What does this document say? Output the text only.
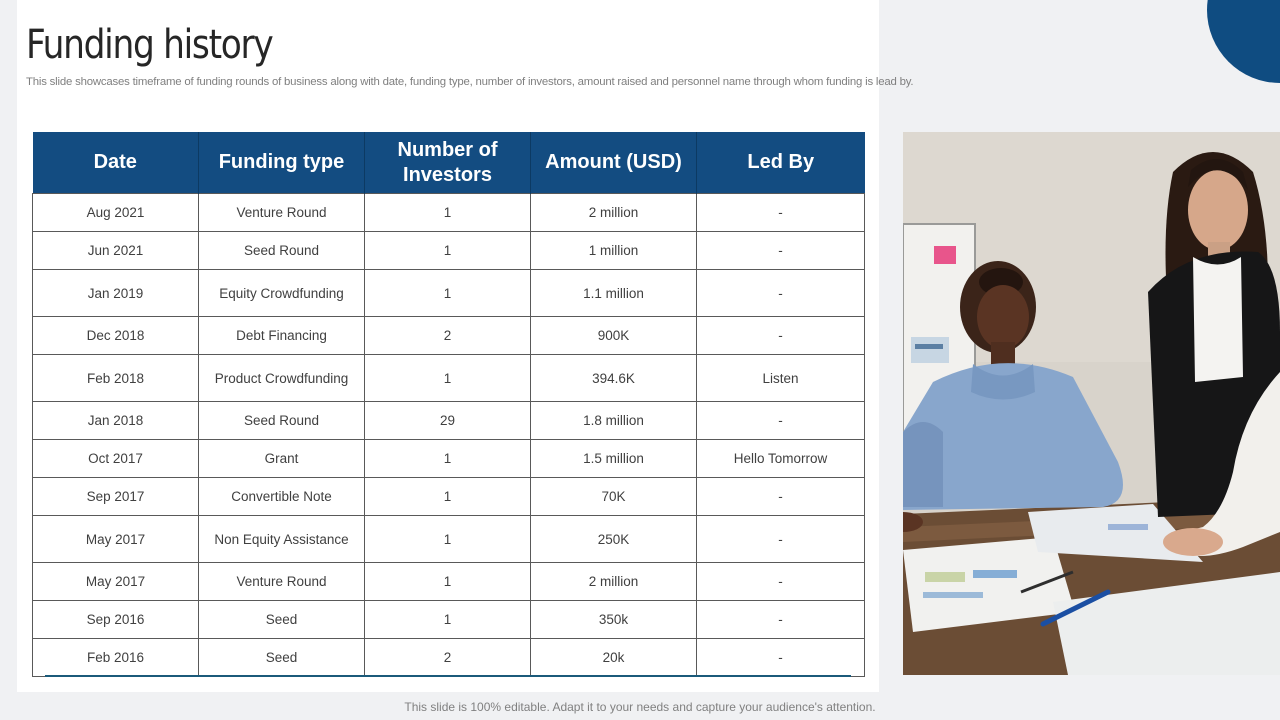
Funding history
This slide showcases timeframe of funding rounds of business along with date, funding type, number of investors, amount raised and personnel name through whom funding is lead by.
Date	Funding type	Number of Investors	Amount (USD)	Led By
Aug 2021	Venture Round	1	2 million	-
Jun 2021	Seed Round	1	1 million	-
Jan 2019	Equity Crowdfunding	1	1.1 million	-
Dec 2018	Debt Financing	2	900K	-
Feb 2018	Product Crowdfunding	1	394.6K	Listen
Jan 2018	Seed Round	29	1.8 million	-
Oct 2017	Grant	1	1.5 million	Hello Tomorrow
Sep 2017	Convertible Note	1	70K	-
May 2017	Non Equity Assistance	1	250K	-
May 2017	Venture Round	1	2 million	-
Sep 2016	Seed	1	350k	-
Feb 2016	Seed	2	20k	-
This slide is 100% editable. Adapt it to your needs and capture your audience's attention.
